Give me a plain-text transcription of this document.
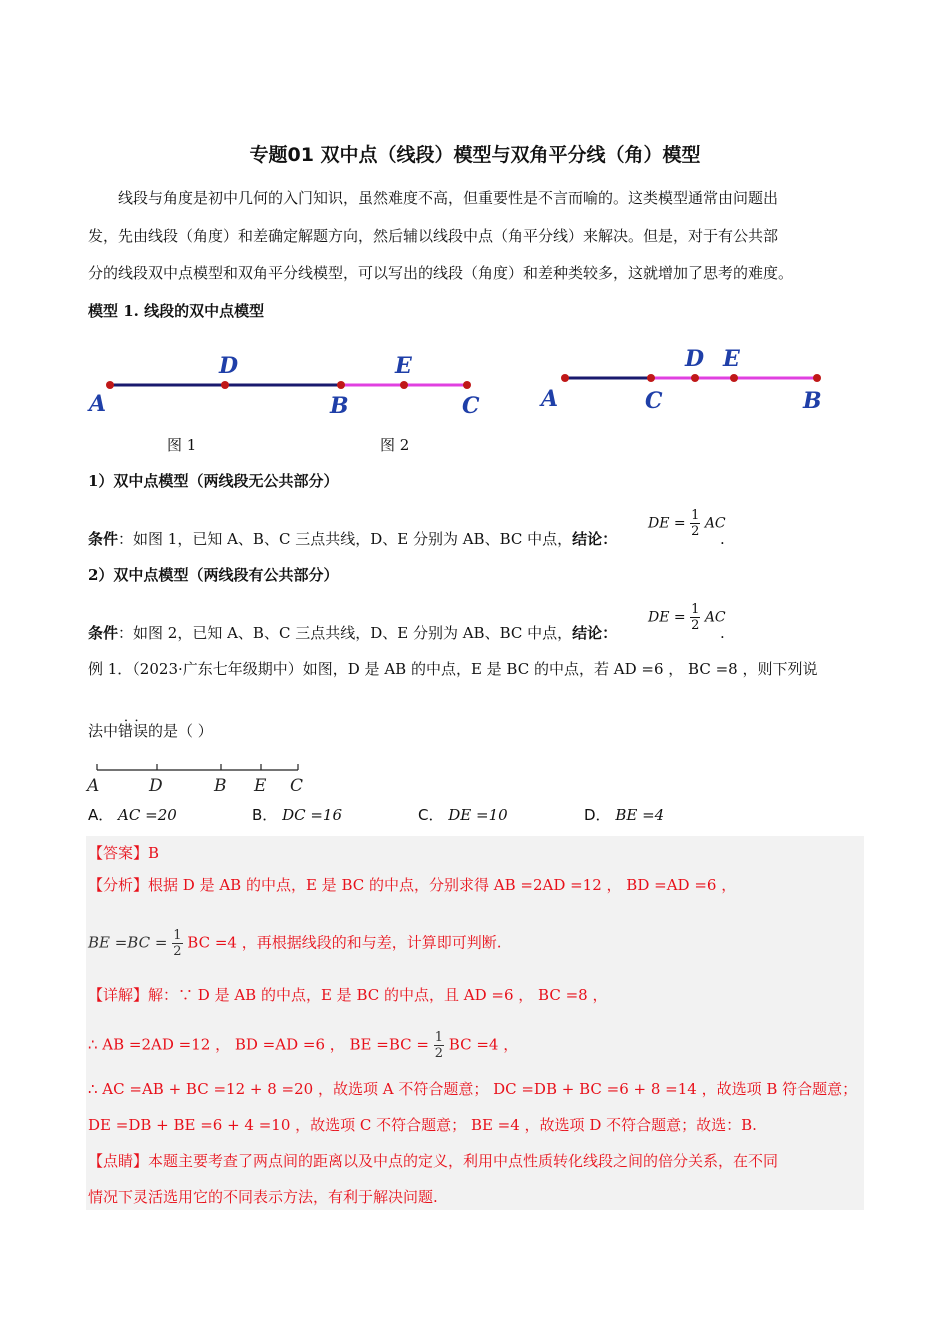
专题01 双中点（线段）模型与双角平分线（角）模型

线段与角度是初中几何的入门知识，虽然难度不高，但重要性是不言而喻的。这类模型通常由问题出

发，先由线段（角度）和差确定解题方向，然后辅以线段中点（角平分线）来解决。但是，对于有公共部

分的线段双中点模型和双角平分线模型，可以写出的线段（角度）和差种类较多，这就增加了思考的难度。

模型 1. 线段的双中点模型
A
D
B
E
C	A	C
D E
B
图 1	图 2
1）双中点模型（两线段无公共部分）
条件：如图 1，已知 A、B、C 三点共线，D、E 分别为 AB、BC 中点，结论：
DE = $\frac{1}{2}$ AC
.
2）双中点模型（两线段有公共部分）
条件：如图 2，已知 A、B、C 三点共线，D、E 分别为 AB、BC 中点，结论：
DE = $\frac{1}{2}$ AC
.
例 1．（2023·广东七年级期中）如图，D 是 AB 的中点，E 是 BC 的中点，若 AD =6 ， BC =8 ，则下列说
．．
法中错误的是（ ）
A	D	B E C
A． AC =20	B． DC =16	C． DE =10	D． BE =4
【答案】B
【分析】根据 D 是 AB 的中点，E 是 BC 的中点，分别求得 AB =2AD =12 ， BD =AD =6 ，
BE $=BC = \frac{1}{2}$ BC =4 ，再根据线段的和与差，计算即可判断.
【详解】解：∵ D 是 AB 的中点，E 是 BC 的中点，且 AD =6 ， BC =8 ，
∴ AB =2AD =12 ， BD =AD =6 ， BE $=BC = \frac{1}{2}$ BC =4 ，
∴ AC =AB + BC =12 + 8 =20 ，故选项 A 不符合题意； DC =DB + BC =6 + 8 =14 ，故选项 B 符合题意；
DE =DB + BE =6 + 4 =10 ，故选项 C 不符合题意； BE =4 ，故选项 D 不符合题意；故选：B.
【点睛】本题主要考查了两点间的距离以及中点的定义，利用中点性质转化线段之间的倍分关系，在不同
情况下灵活选用它的不同表示方法，有利于解决问题.
